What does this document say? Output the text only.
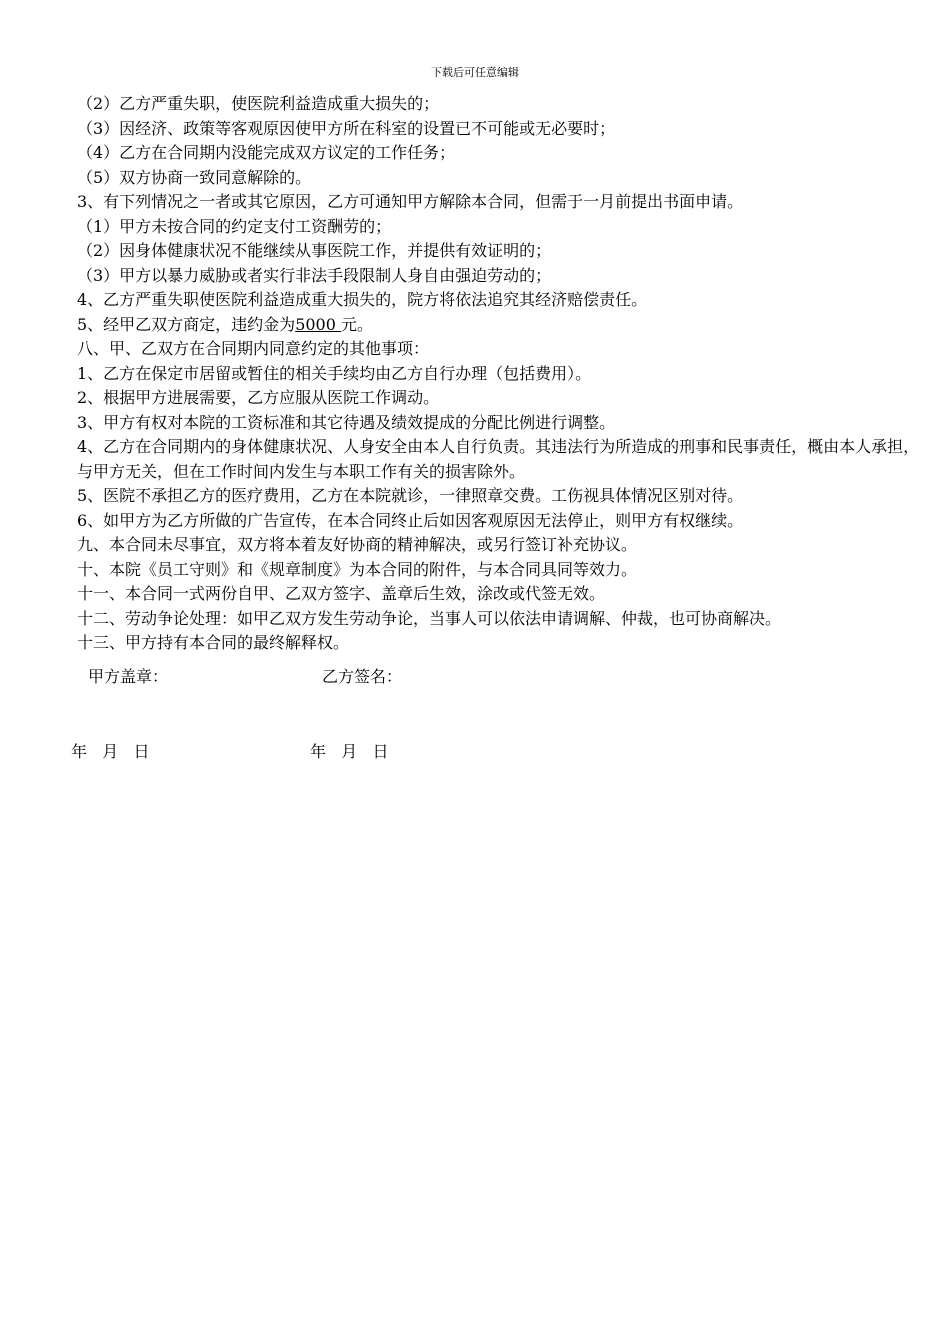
下载后可任意编辑
（2）乙方严重失职，使医院利益造成重大损失的；
（3）因经济、政策等客观原因使甲方所在科室的设置已不可能或无必要时；
（4）乙方在合同期内没能完成双方议定的工作任务；
（5）双方协商一致同意解除的。
3、有下列情况之一者或其它原因，乙方可通知甲方解除本合同，但需于一月前提出书面申请。
（1）甲方未按合同的约定支付工资酬劳的；
（2）因身体健康状况不能继续从事医院工作，并提供有效证明的；
（3）甲方以暴力威胁或者实行非法手段限制人身自由强迫劳动的；
4、乙方严重失职使医院利益造成重大损失的，院方将依法追究其经济赔偿责任。
5、经甲乙双方商定，违约金为5000 元。
八、甲、乙双方在合同期内同意约定的其他事项：
1、乙方在保定市居留或暂住的相关手续均由乙方自行办理（包括费用）。
2、根据甲方进展需要，乙方应服从医院工作调动。
3、甲方有权对本院的工资标准和其它待遇及绩效提成的分配比例进行调整。
4、乙方在合同期内的身体健康状况、人身安全由本人自行负责。其违法行为所造成的刑事和民事责任，概由本人承担，与甲方无关，但在工作时间内发生与本职工作有关的损害除外。
5、医院不承担乙方的医疗费用，乙方在本院就诊，一律照章交费。工伤视具体情况区别对待。
6、如甲方为乙方所做的广告宣传，在本合同终止后如因客观原因无法停止，则甲方有权继续。
九、本合同未尽事宜，双方将本着友好协商的精神解决，或另行签订补充协议。
十、本院《员工守则》和《规章制度》为本合同的附件，与本合同具同等效力。
十一、本合同一式两份自甲、乙双方签字、盖章后生效，涂改或代签无效。
十二、劳动争论处理：如甲乙双方发生劳动争论，当事人可以依法申请调解、仲裁，也可协商解决。
十三、甲方持有本合同的最终解释权。
甲方盖章：	乙方签名：
年   月   日	年   月   日
